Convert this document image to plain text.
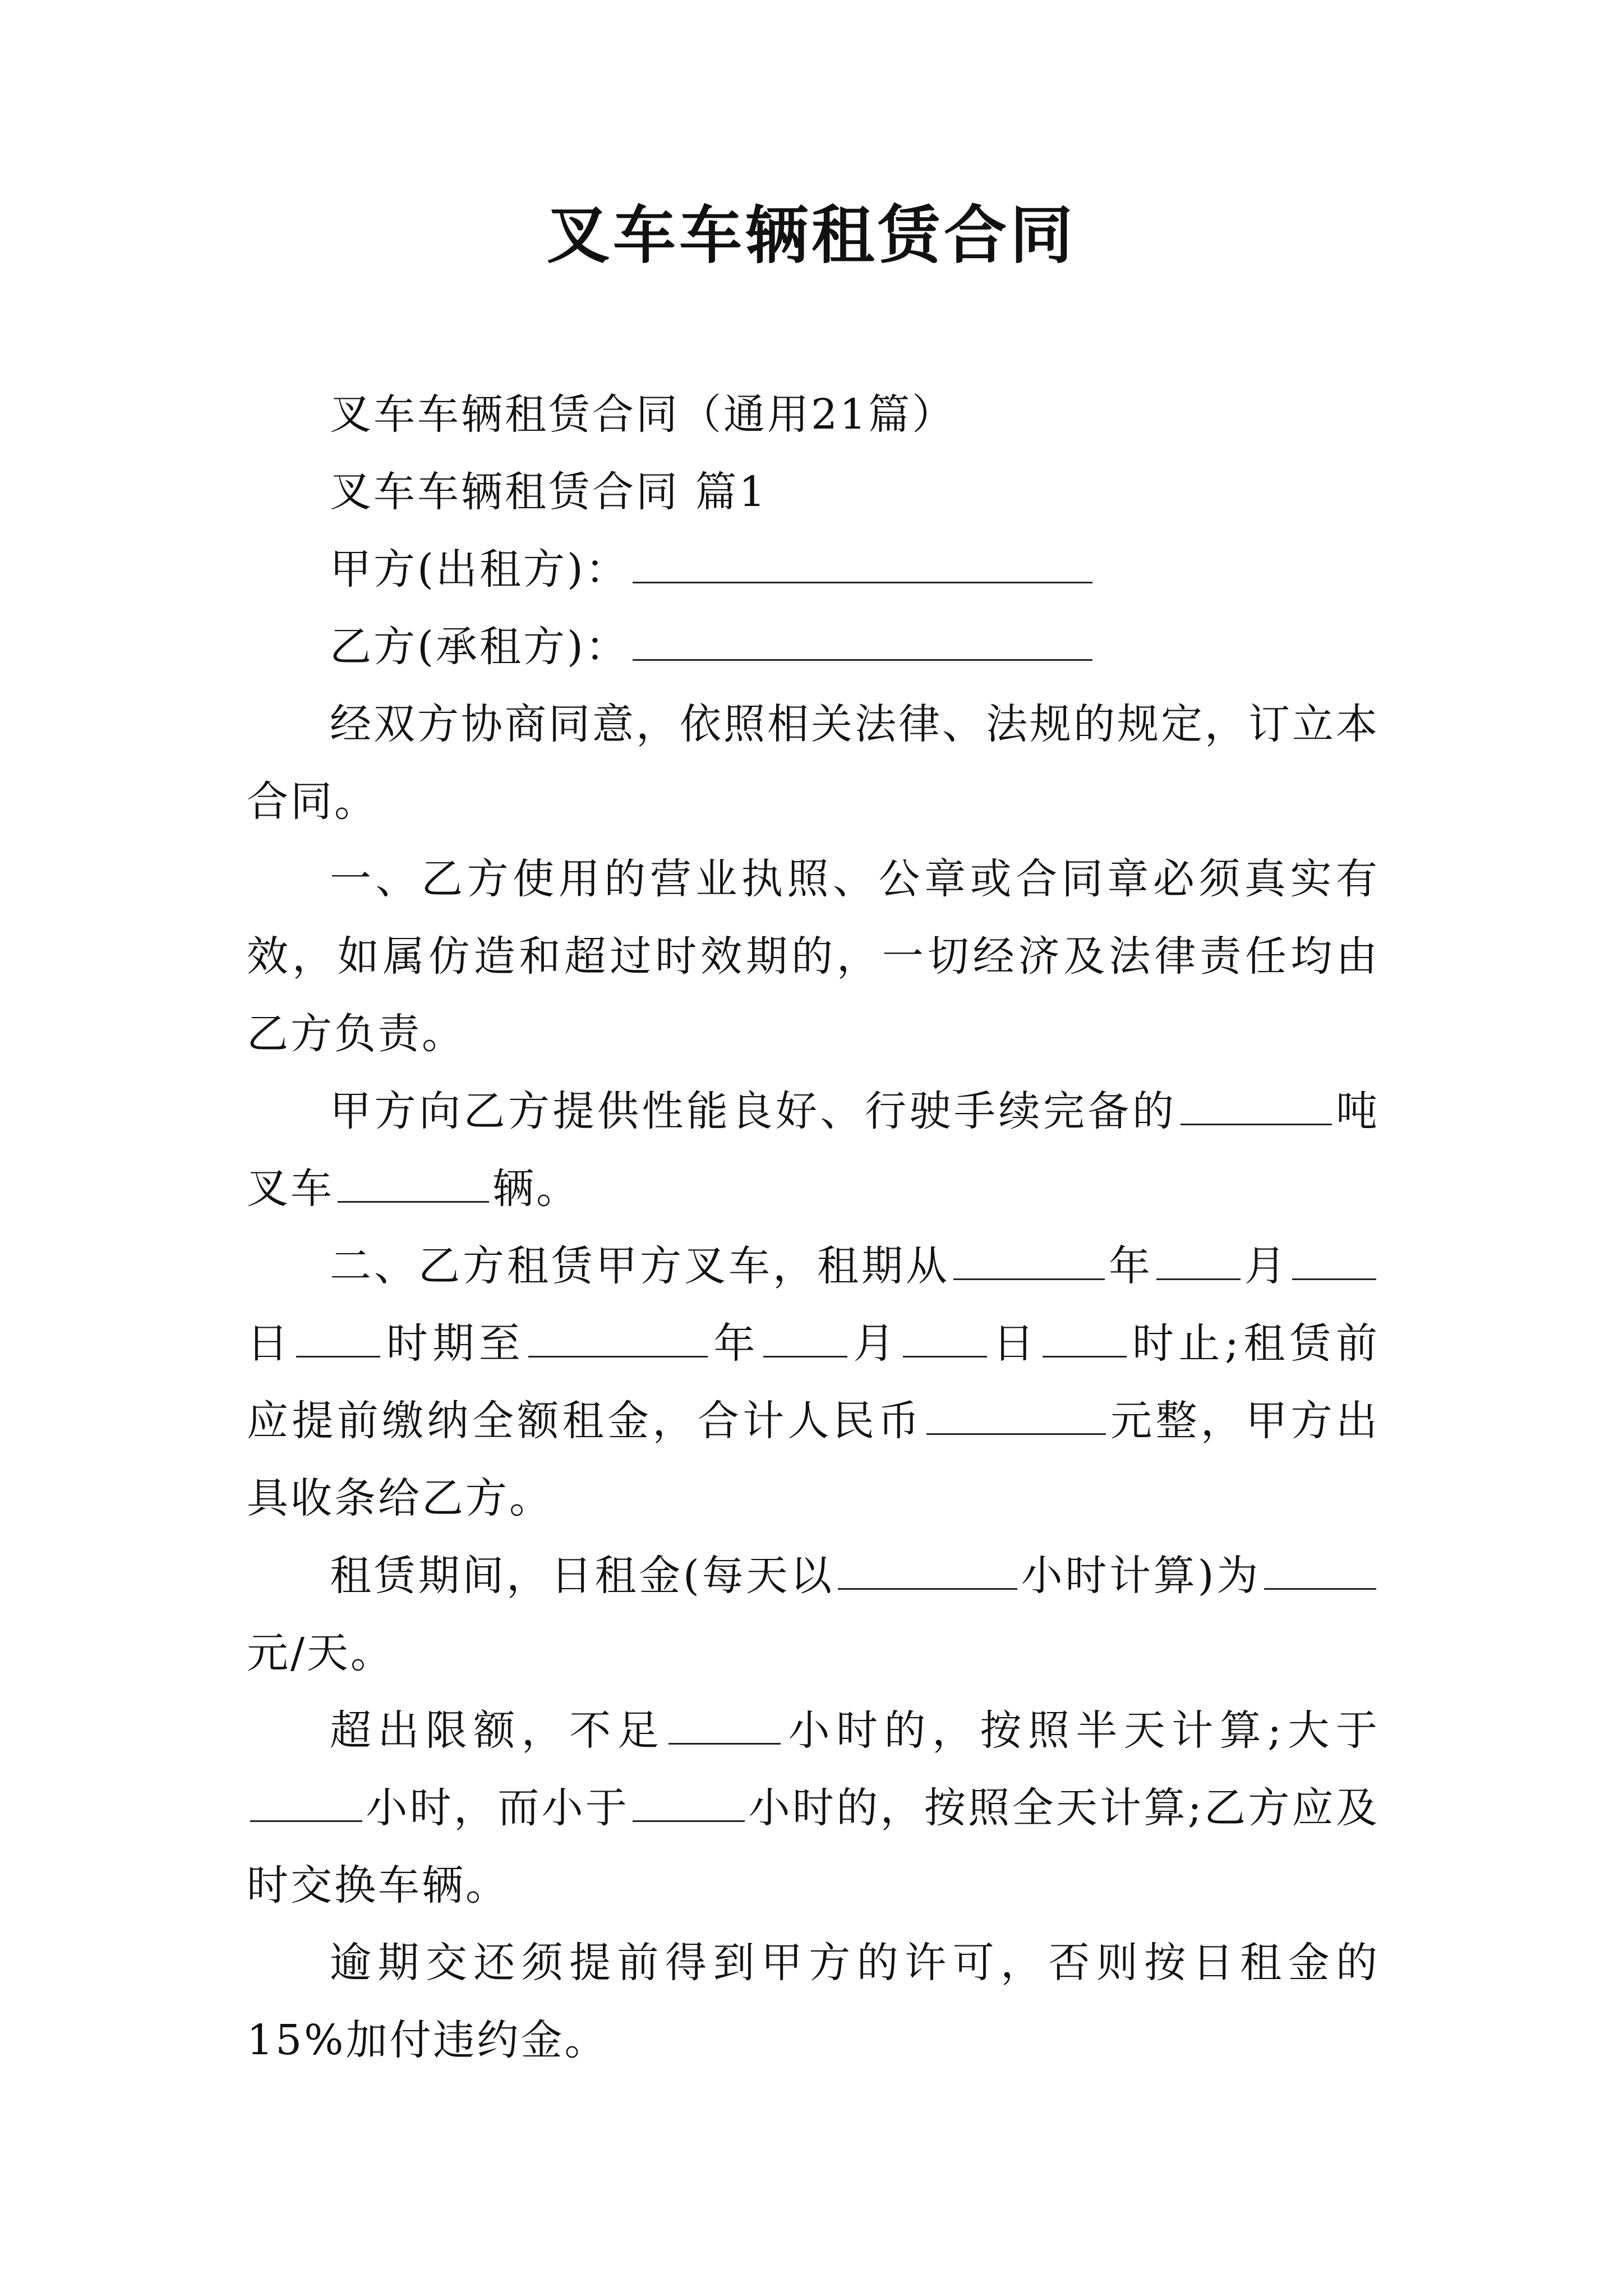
叉车车辆租赁合同

叉车车辆租赁合同（通用21篇）

叉车车辆租赁合同 篇1

甲方(出租方)：

乙方(承租方)：

经双方协商同意，依照相关法律、法规的规定，订立本合同。

一、乙方使用的营业执照、公章或合同章必须真实有效，如属仿造和超过时效期的，一切经济及法律责任均由乙方负责。

甲方向乙方提供性能良好、行驶手续完备的	吨叉车	辆。

二、乙方租赁甲方叉车，租期从	年 月日 时期至	年 月 日 时止;租赁前应提前缴纳全额租金，合计人民币	元整，甲方出具收条给乙方。

租赁期间，日租金(每天以	小时计算)为元/天。

超出限额，不足	小时的，按照半天计算;大于小时，而小于	小时的，按照全天计算;乙方应及时交换车辆。

逾期交还须提前得到甲方的许可，否则按日租金的15%加付违约金。
